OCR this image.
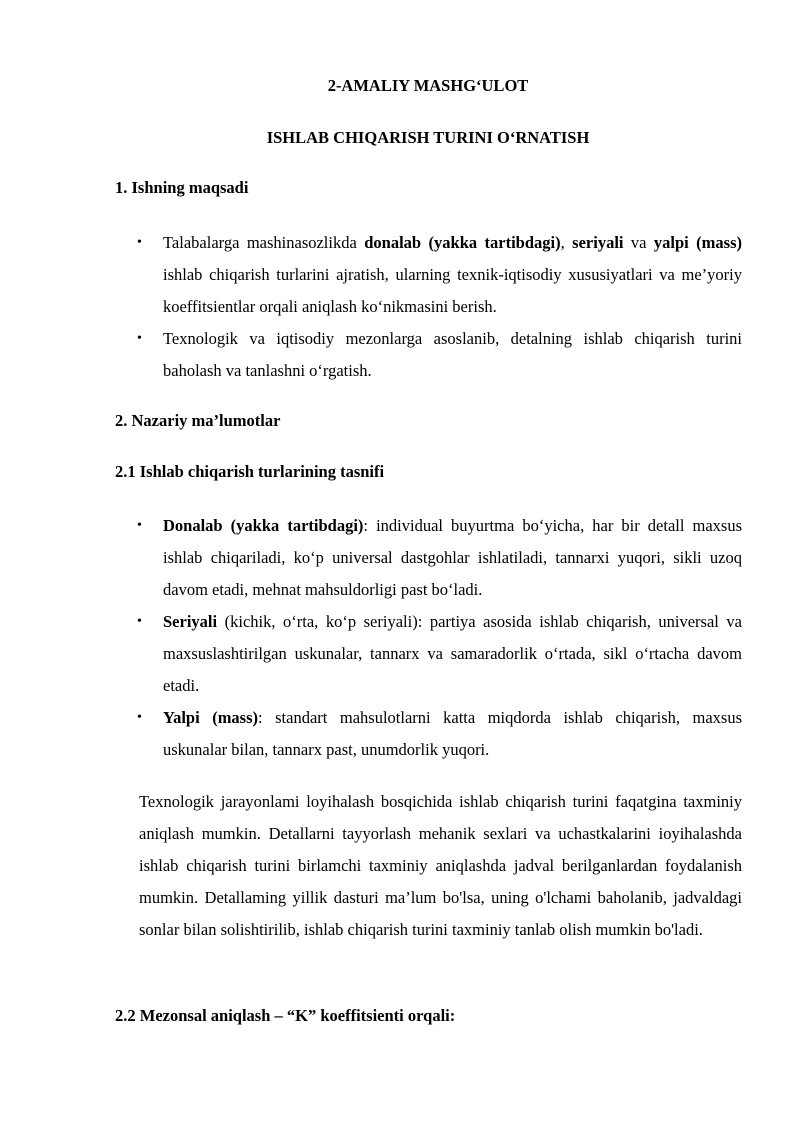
2-AMALIY MASHG‘ULOT

ISHLAB CHIQARISH TURINI O‘RNATISH

1. Ishning maqsadi

• Talabalarga mashinasozlikda donalab (yakka tartibdagi), seriyali va yalpi (mass) ishlab chiqarish turlarini ajratish, ularning texnik-iqtisodiy xususiyatlari va me’yoriy koeffitsientlar orqali aniqlash ko‘nikmasini berish.
• Texnologik va iqtisodiy mezonlarga asoslanib, detalning ishlab chiqarish turini baholash va tanlashni o‘rgatish.

2. Nazariy ma’lumotlar

2.1 Ishlab chiqarish turlarining tasnifi

• Donalab (yakka tartibdagi): individual buyurtma bo‘yicha, har bir detall maxsus ishlab chiqariladi, ko‘p universal dastgohlar ishlatiladi, tannarxi yuqori, sikli uzoq davom etadi, mehnat mahsuldorligi past bo‘ladi.
• Seriyali (kichik, o‘rta, ko‘p seriyali): partiya asosida ishlab chiqarish, universal va maxsuslashtirilgan uskunalar, tannarx va samaradorlik o‘rtada, sikl o‘rtacha davom etadi.
• Yalpi (mass): standart mahsulotlarni katta miqdorda ishlab chiqarish, maxsus uskunalar bilan, tannarx past, unumdorlik yuqori.

Texnologik jarayonlami loyihalash bosqichida ishlab chiqarish turini faqatgina taxminiy aniqlash mumkin. Detallarni tayyorlash mehanik sexlari va uchastkalarini ioyihalashda ishlab chiqarish turini birlamchi taxminiy aniqlashda jadval berilganlardan foydalanish mumkin. Detallaming yillik dasturi ma’lum bo'lsa, uning o'lchami baholanib, jadvaldagi sonlar bilan solishtirilib, ishlab chiqarish turini taxminiy tanlab olish mumkin bo'ladi.

2.2 Mezonsal aniqlash – “K” koeffitsienti orqali:
